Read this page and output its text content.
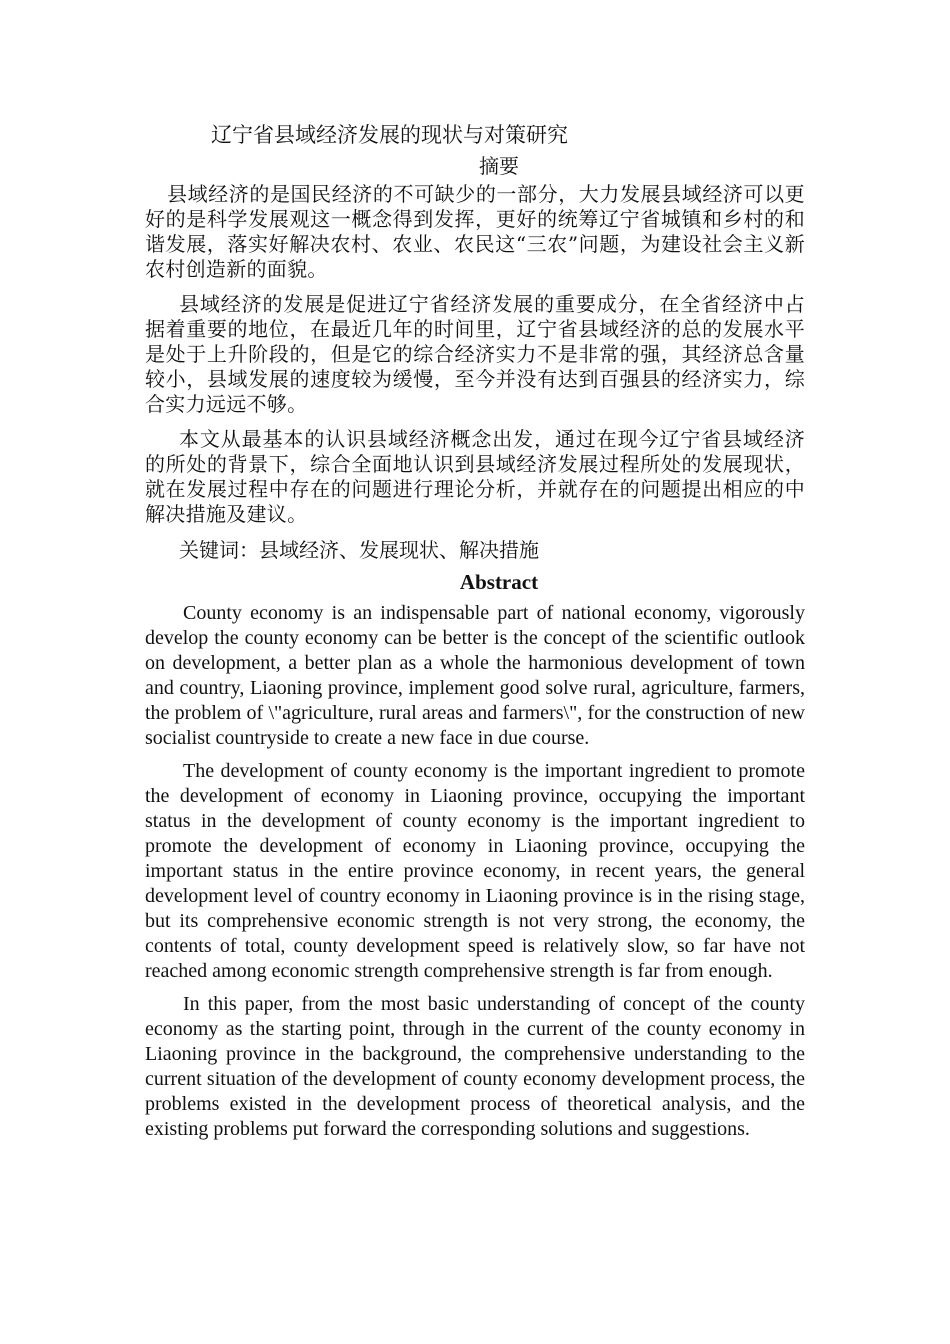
辽宁省县域经济发展的现状与对策研究
摘要

县域经济的是国民经济的不可缺少的一部分，大力发展县域经济可以更好的是科学发展观这一概念得到发挥，更好的统筹辽宁省城镇和乡村的和谐发展，落实好解决农村、农业、农民这“三农”问题，为建设社会主义新农村创造新的面貌。

县域经济的发展是促进辽宁省经济发展的重要成分，在全省经济中占据着重要的地位，在最近几年的时间里，辽宁省县域经济的总的发展水平是处于上升阶段的，但是它的综合经济实力不是非常的强，其经济总含量较小，县域发展的速度较为缓慢，至今并没有达到百强县的经济实力，综合实力远远不够。

本文从最基本的认识县域经济概念出发，通过在现今辽宁省县域经济的所处的背景下，综合全面地认识到县域经济发展过程所处的发展现状，就在发展过程中存在的问题进行理论分析，并就存在的问题提出相应的中解决措施及建议。

关键词：县域经济、发展现状、解决措施

Abstract

County economy is an indispensable part of national economy, vigorously develop the county economy can be better is the concept of the scientific outlook on development, a better plan as a whole the harmonious development of town and country, Liaoning province, implement good solve rural, agriculture, farmers, the problem of \"agriculture, rural areas and farmers\", for the construction of new socialist countryside to create a new face in due course.

The development of county economy is the important ingredient to promote the development of economy in Liaoning province, occupying the important status in the development of county economy is the important ingredient to promote the development of economy in Liaoning province, occupying the important status in the entire province economy, in recent years, the general development level of country economy in Liaoning province is in the rising stage, but its comprehensive economic strength is not very strong, the economy, the contents of total, county development speed is relatively slow, so far have not reached among economic strength comprehensive strength is far from enough.

In this paper, from the most basic understanding of concept of the county economy as the starting point, through in the current of the county economy in Liaoning province in the background, the comprehensive understanding to the current situation of the development of county economy development process, the problems existed in the development process of theoretical analysis, and the existing problems put forward the corresponding solutions and suggestions.
